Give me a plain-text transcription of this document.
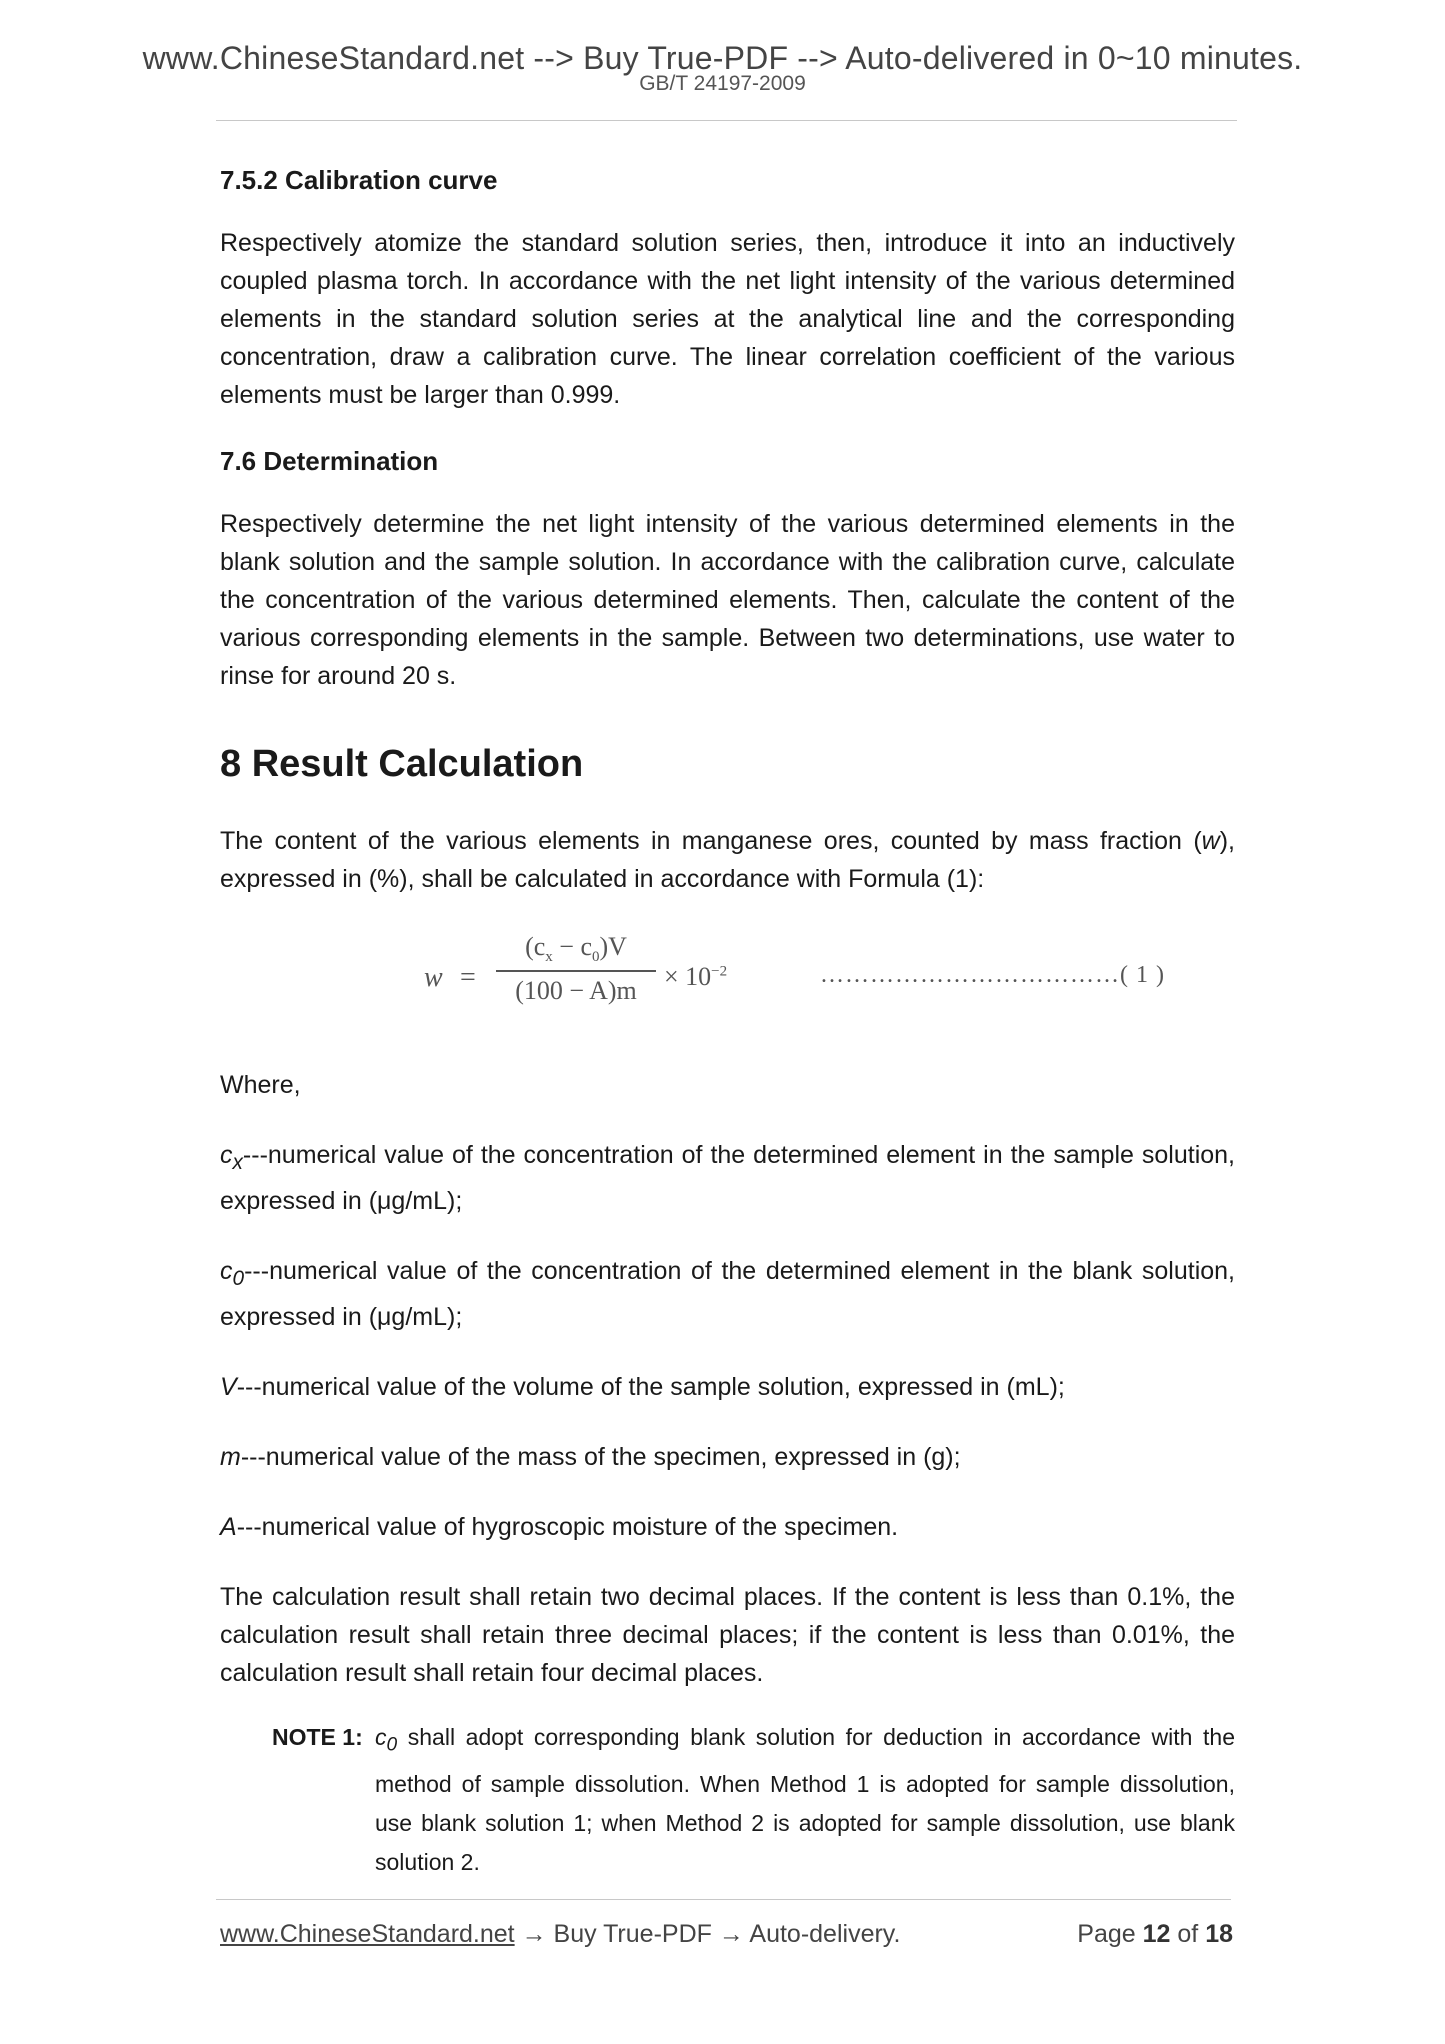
www.ChineseStandard.net --> Buy True-PDF --> Auto-delivered in 0~10 minutes.
GB/T 24197-2009
7.5.2 Calibration curve

Respectively atomize the standard solution series, then, introduce it into an inductively coupled plasma torch. In accordance with the net light intensity of the various determined elements in the standard solution series at the analytical line and the corresponding concentration, draw a calibration curve. The linear correlation coefficient of the various elements must be larger than 0.999.

7.6 Determination

Respectively determine the net light intensity of the various determined elements in the blank solution and the sample solution. In accordance with the calibration curve, calculate the concentration of the various determined elements. Then, calculate the content of the various corresponding elements in the sample. Between two determinations, use water to rinse for around 20 s.

8 Result Calculation

The content of the various elements in manganese ores, counted by mass fraction (w), expressed in (%), shall be calculated in accordance with Formula (1):

w =
$(c_x - c_0)V$
(100 − A)m	× $10^{-2}$	………………………………( 1 )

Where,

$c_x--$-numerical value of the concentration of the determined element in the sample solution, expressed in (μg/mL);

$c_0--$-numerical value of the concentration of the determined element in the blank solution, expressed in (μg/mL);

V---numerical value of the volume of the sample solution, expressed in (mL);

m---numerical value of the mass of the specimen, expressed in (g);

A---numerical value of hygroscopic moisture of the specimen.

The calculation result shall retain two decimal places. If the content is less than 0.1%, the calculation result shall retain three decimal places; if the content is less than 0.01%, the calculation result shall retain four decimal places.

NOTE 1: $c_0$ shall adopt corresponding blank solution for deduction in accordance with the method of sample dissolution. When Method 1 is adopted for sample dissolution, use blank solution 1; when Method 2 is adopted for sample dissolution, use blank solution 2.
www.ChineseStandard.net → Buy True-PDF → Auto-delivery.	Page 12 of 18
